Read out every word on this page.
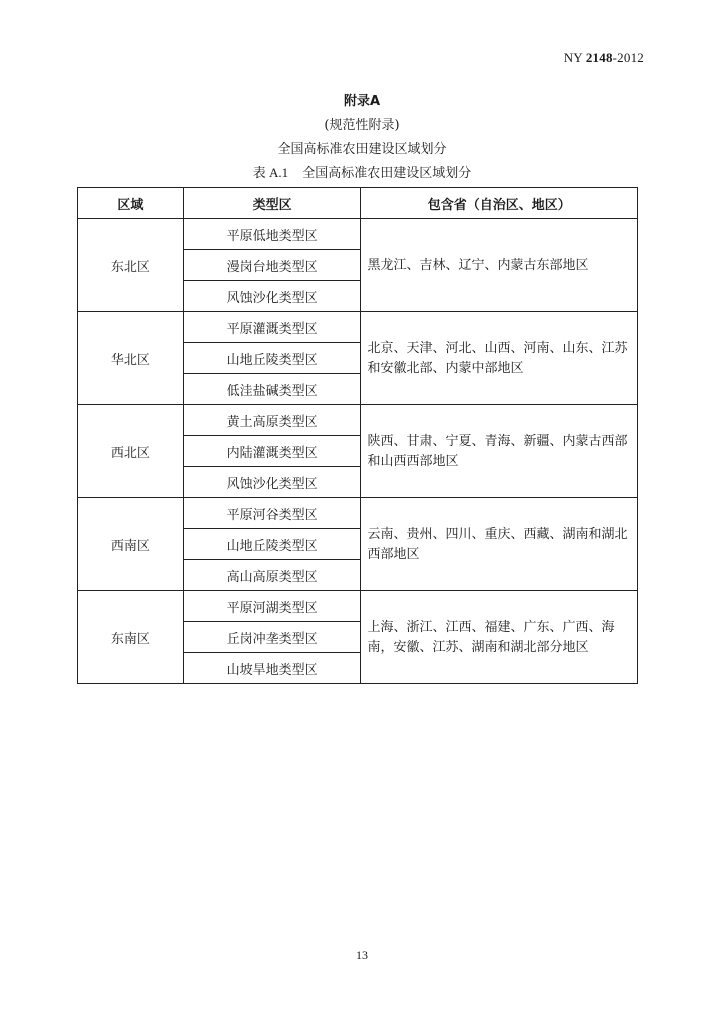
NY 2148-2012
附录A
(规范性附录)
全国高标准农田建设区域划分
表 A.1 全国高标准农田建设区域划分
区域	类型区	包含省（自治区、地区）
东北区	平原低地类型区	黑龙江、吉林、辽宁、内蒙古东部地区
	漫岗台地类型区	
	风蚀沙化类型区	
华北区	平原灌溉类型区	北京、天津、河北、山西、河南、山东、江苏和安徽北部、内蒙中部地区
	山地丘陵类型区	
	低洼盐碱类型区	
西北区	黄土高原类型区	陕西、甘肃、宁夏、青海、新疆、内蒙古西部和山西西部地区
	内陆灌溉类型区	
	风蚀沙化类型区	
西南区	平原河谷类型区	云南、贵州、四川、重庆、西藏、湖南和湖北西部地区
	山地丘陵类型区	
	高山高原类型区	
东南区	平原河湖类型区	上海、浙江、江西、福建、广东、广西、海南，安徽、江苏、湖南和湖北部分地区
	丘岗冲垄类型区	
	山坡旱地类型区	
13
